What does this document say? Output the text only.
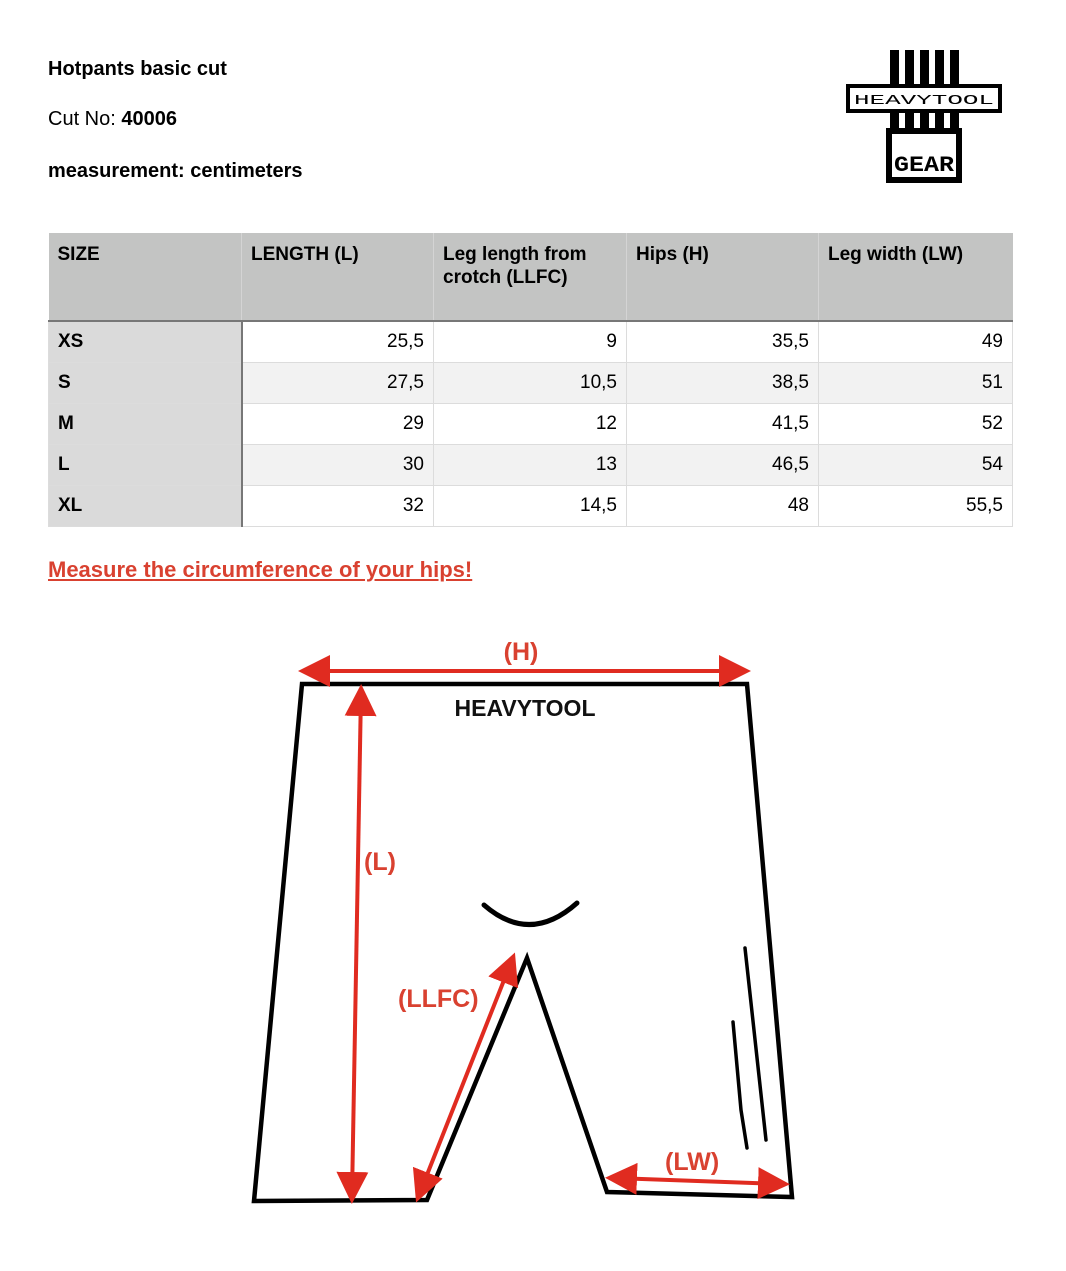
Hotpants basic cut
Cut No: 40006
measurement: centimeters
HEAVYTOOL
GEAR
SIZE	LENGTH (L)	Leg length from crotch (LLFC)	Hips (H)	Leg width (LW)
XS	25,5	9	35,5	49
S	27,5	10,5	38,5	51
M	29	12	41,5	52
L	30	13	46,5	54
XL	32	14,5	48	55,5
Measure the circumference of your hips!
(H)
HEAVYTOOL
(L)
(LLFC)
(LW)
